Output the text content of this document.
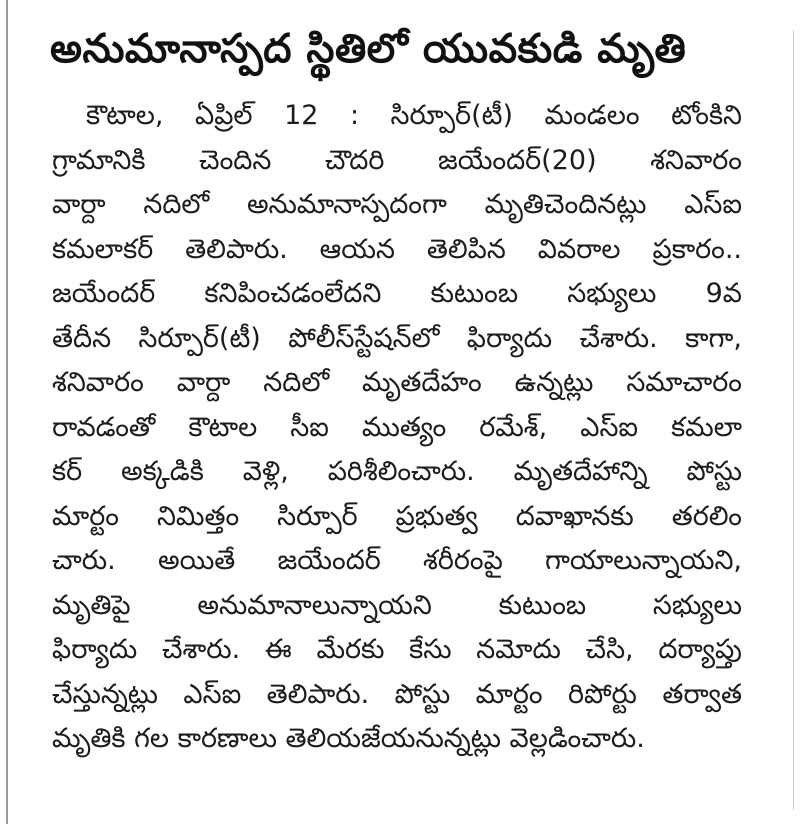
అనుమానాస్పద స్థితిలో యువకుడి మృతి
కౌటాల, ఏప్రిల్ 12 : సిర్పూర్(టీ) మండలం టోంకిని
గ్రామానికి చెందిన చౌదరి జయేందర్(20) శనివారం
వార్దా నదిలో అనుమానాస్పదంగా మృతిచెందినట్లు ఎస్ఐ
కమలాకర్ తెలిపారు. ఆయన తెలిపిన వివరాల ప్రకారం..
జయేందర్ కనిపించడంలేదని కుటుంబ సభ్యులు 9వ
తేదీన సిర్పూర్(టీ) పోలీస్‌స్టేషన్‌లో ఫిర్యాదు చేశారు. కాగా,
శనివారం వార్దా నదిలో మృతదేహం ఉన్నట్లు సమాచారం
రావడంతో కౌటాల సీఐ ముత్యం రమేశ్, ఎస్ఐ కమలా
కర్ అక్కడికి వెళ్లి, పరిశీలించారు. మృతదేహాన్ని పోస్టు
మార్టం నిమిత్తం సిర్పూర్ ప్రభుత్వ దవాఖానకు తరలిం
చారు. అయితే జయేందర్ శరీరంపై గాయాలున్నాయని,
మృతిపై అనుమానాలున్నాయని కుటుంబ సభ్యులు
ఫిర్యాదు చేశారు. ఈ మేరకు కేసు నమోదు చేసి, దర్యాప్తు
చేస్తున్నట్లు ఎస్ఐ తెలిపారు. పోస్టు మార్టం రిపోర్టు తర్వాత
మృతికి గల కారణాలు తెలియజేయనున్నట్లు వెల్లడించారు.
